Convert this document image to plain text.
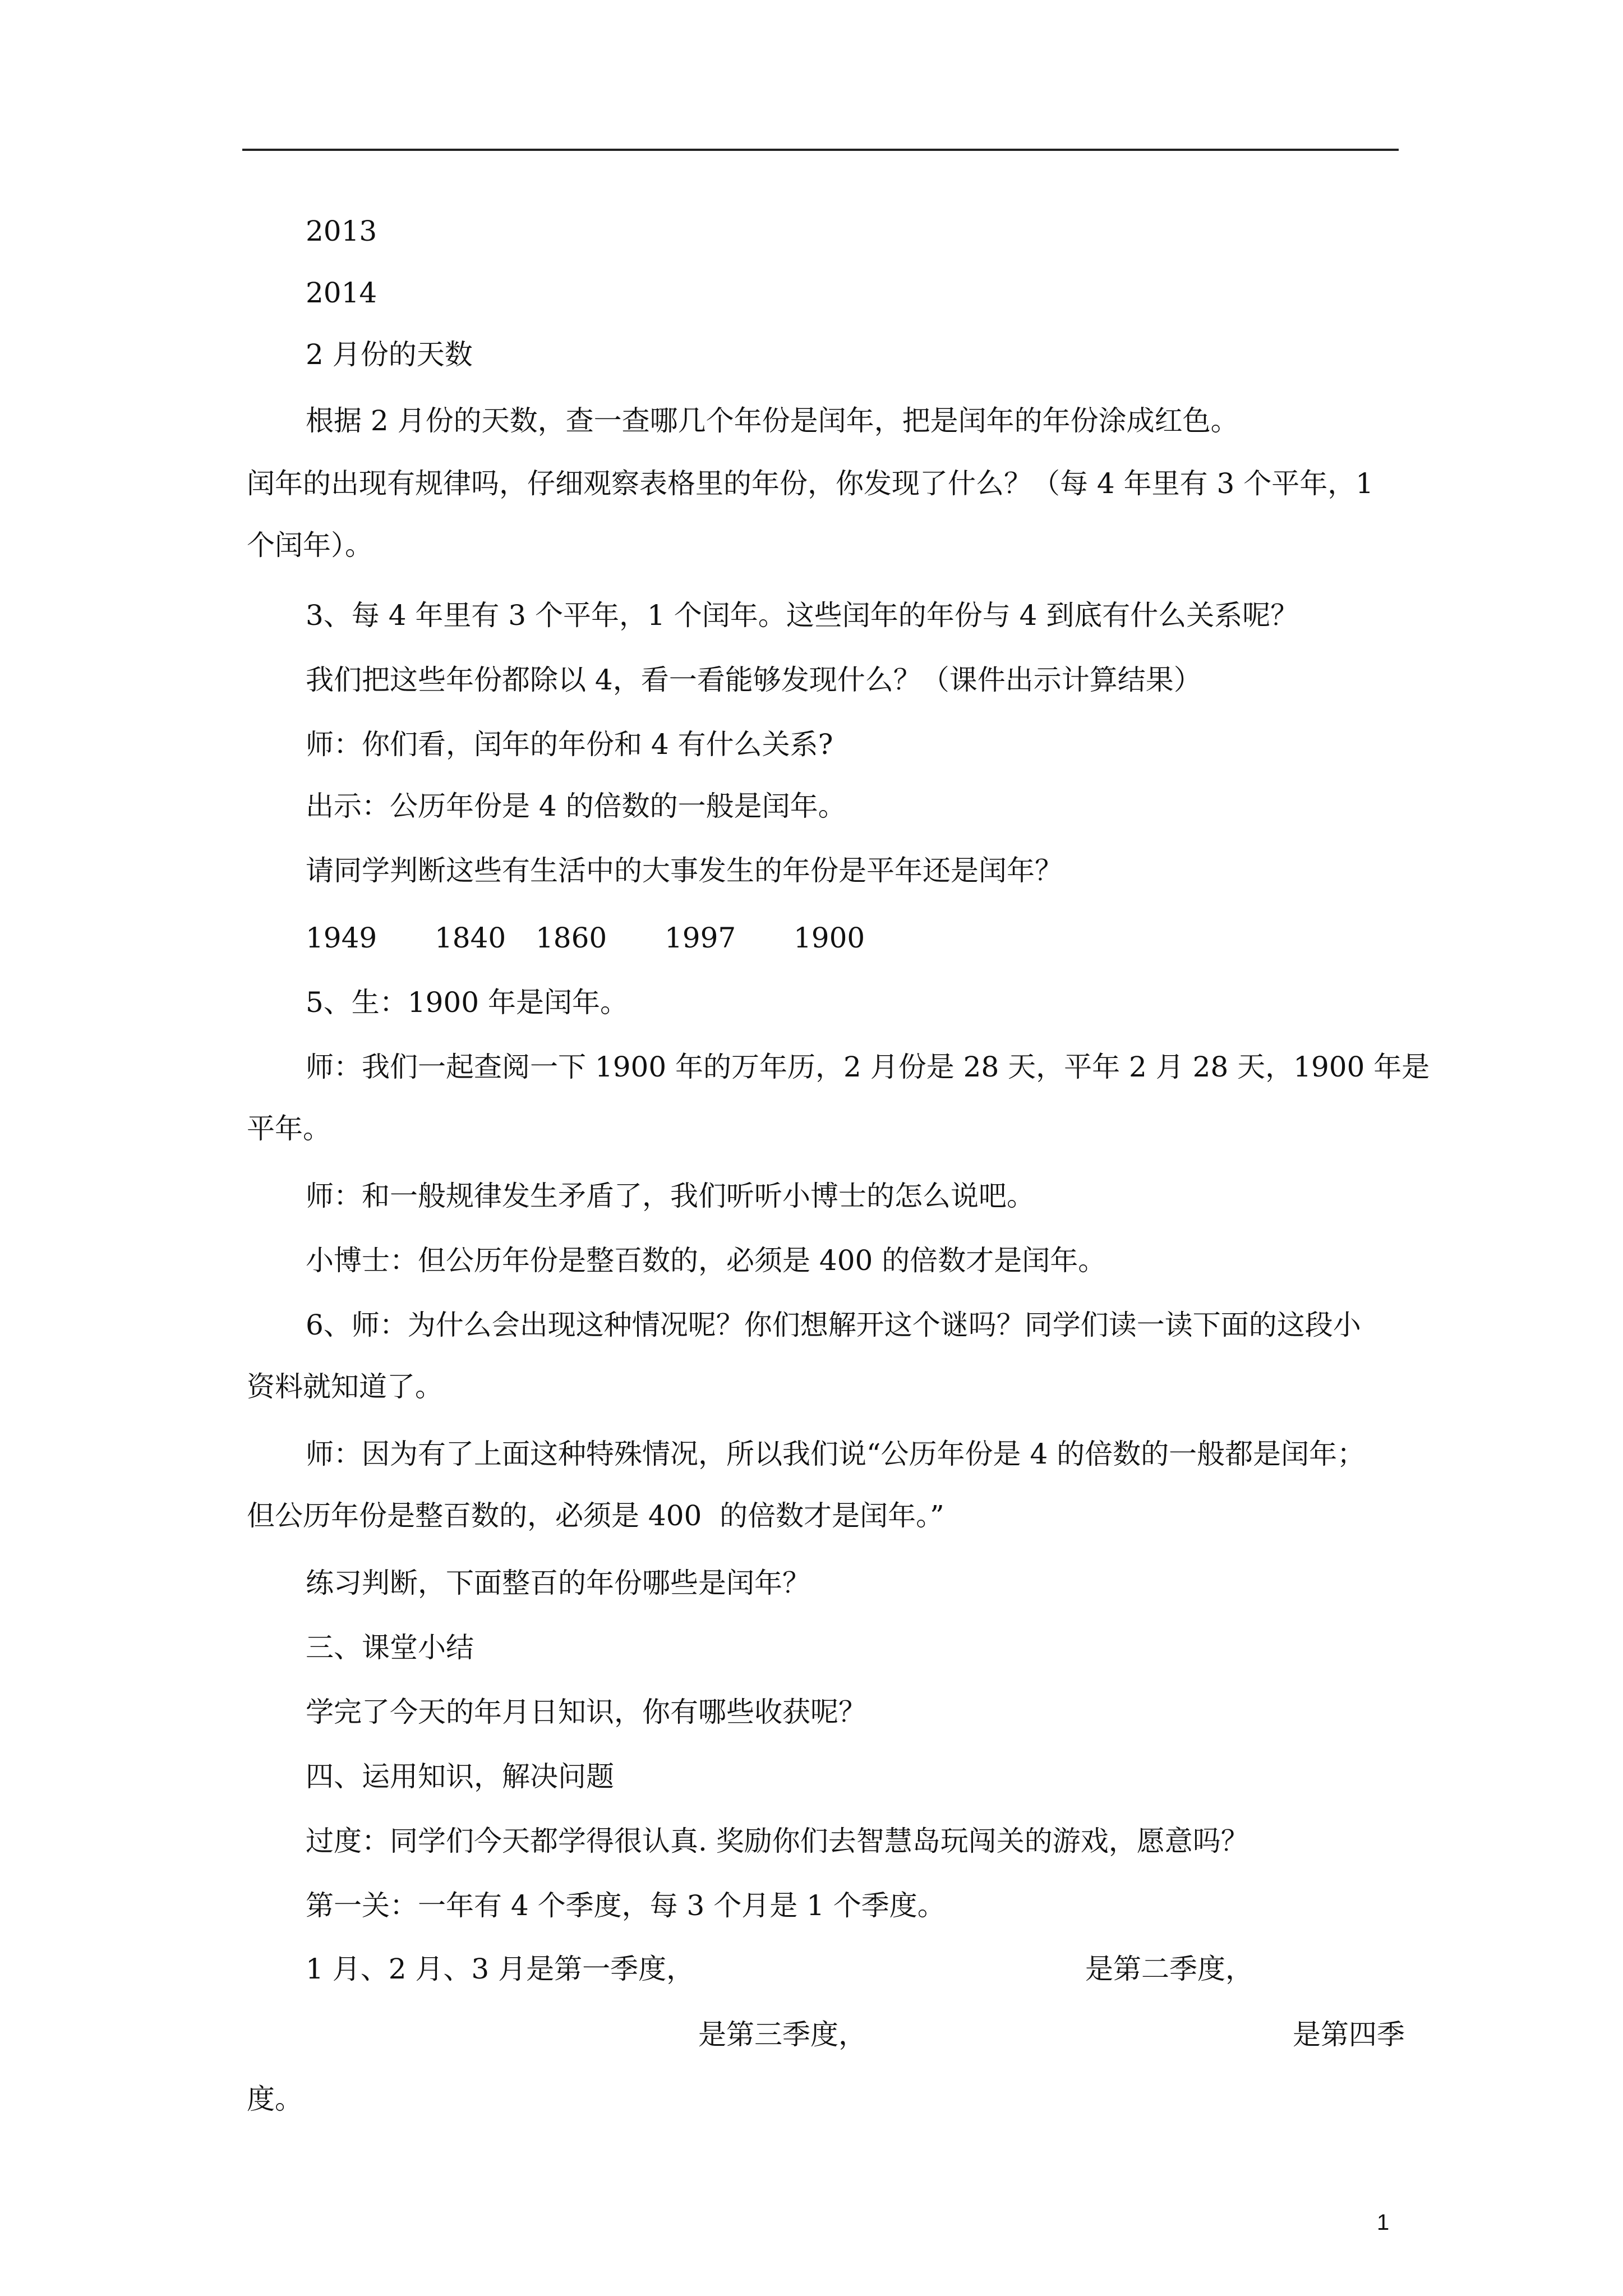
2013

2014

2 月份的天数

根据 2 月份的天数，查一查哪几个年份是闰年，把是闰年的年份涂成红色。

闰年的出现有规律吗，仔细观察表格里的年份，你发现了什么？（每 4 年里有 3 个平年，1

个闰年）。

3、每 4 年里有 3 个平年，1 个闰年。这些闰年的年份与 4 到底有什么关系呢？

我们把这些年份都除以 4，看一看能够发现什么？（课件出示计算结果）

师：你们看，闰年的年份和 4 有什么关系?

出示：公历年份是 4 的倍数的一般是闰年。

请同学判断这些有生活中的大事发生的年份是平年还是闰年？

1949 1840 1860 1997 1900

5、生：1900 年是闰年。

师：我们一起查阅一下 1900 年的万年历，2 月份是 28 天，平年 2 月 28 天，1900 年是

平年。

师：和一般规律发生矛盾了，我们听听小博士的怎么说吧。

小博士：但公历年份是整百数的，必须是 400 的倍数才是闰年。

6、师：为什么会出现这种情况呢？你们想解开这个谜吗？同学们读一读下面的这段小

资料就知道了。

师：因为有了上面这种特殊情况，所以我们说“公历年份是 4 的倍数的一般都是闰年；

但公历年份是整百数的，必须是 400  的倍数才是闰年。”

练习判断，下面整百的年份哪些是闰年？

三、课堂小结

学完了今天的年月日知识，你有哪些收获呢？

四、运用知识，解决问题

过度：同学们今天都学得很认真. 奖励你们去智慧岛玩闯关的游戏，愿意吗？

第一关：一年有 4 个季度，每 3 个月是 1 个季度。

1 月、2 月、3 月是第一季度，	是第二季度，

是第三季度，	是第四季

度。

1
